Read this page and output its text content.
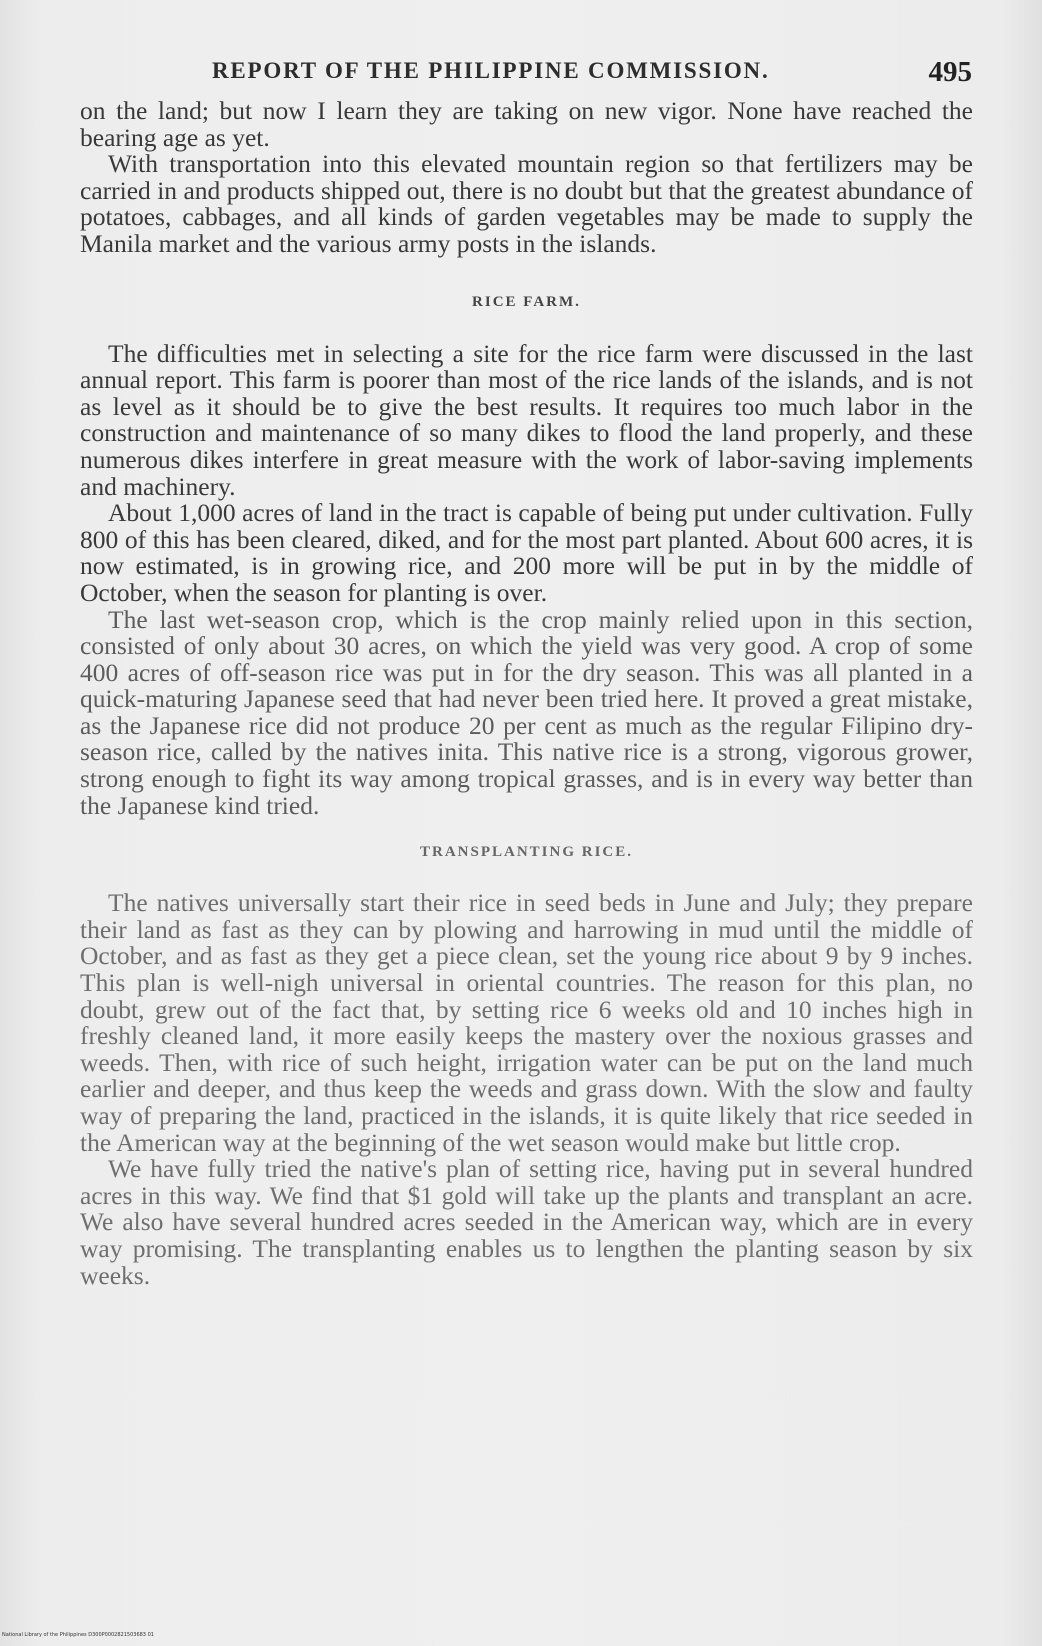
REPORT OF THE PHILIPPINE COMMISSION.	495

on the land; but now I learn they are taking on new vigor. None have reached the bearing age as yet.

With transportation into this elevated mountain region so that fertilizers may be carried in and products shipped out, there is no doubt but that the greatest abundance of potatoes, cabbages, and all kinds of garden vegetables may be made to supply the Manila market and the various army posts in the islands.

RICE FARM.

The difficulties met in selecting a site for the rice farm were discussed in the last annual report. This farm is poorer than most of the rice lands of the islands, and is not as level as it should be to give the best results. It requires too much labor in the construction and maintenance of so many dikes to flood the land properly, and these numerous dikes interfere in great measure with the work of labor-saving implements and machinery.

About 1,000 acres of land in the tract is capable of being put under cultivation. Fully 800 of this has been cleared, diked, and for the most part planted. About 600 acres, it is now estimated, is in growing rice, and 200 more will be put in by the middle of October, when the season for planting is over.

The last wet-season crop, which is the crop mainly relied upon in this section, consisted of only about 30 acres, on which the yield was very good. A crop of some 400 acres of off-season rice was put in for the dry season. This was all planted in a quick-maturing Japanese seed that had never been tried here. It proved a great mistake, as the Japanese rice did not produce 20 per cent as much as the regular Filipino dry-season rice, called by the natives inita. This native rice is a strong, vigorous grower, strong enough to fight its way among tropical grasses, and is in every way better than the Japanese kind tried.

TRANSPLANTING RICE.

The natives universally start their rice in seed beds in June and July; they prepare their land as fast as they can by plowing and harrowing in mud until the middle of October, and as fast as they get a piece clean, set the young rice about 9 by 9 inches. This plan is well-nigh universal in oriental countries. The reason for this plan, no doubt, grew out of the fact that, by setting rice 6 weeks old and 10 inches high in freshly cleaned land, it more easily keeps the mastery over the noxious grasses and weeds. Then, with rice of such height, irrigation water can be put on the land much earlier and deeper, and thus keep the weeds and grass down. With the slow and faulty way of preparing the land, practiced in the islands, it is quite likely that rice seeded in the American way at the beginning of the wet season would make but little crop.

We have fully tried the native's plan of setting rice, having put in several hundred acres in this way. We find that $1 gold will take up the plants and transplant an acre. We also have several hundred acres seeded in the American way, which are in every way promising. The transplanting enables us to lengthen the planting season by six weeks.

National Library of the Philippines D300P0002821503683 01
